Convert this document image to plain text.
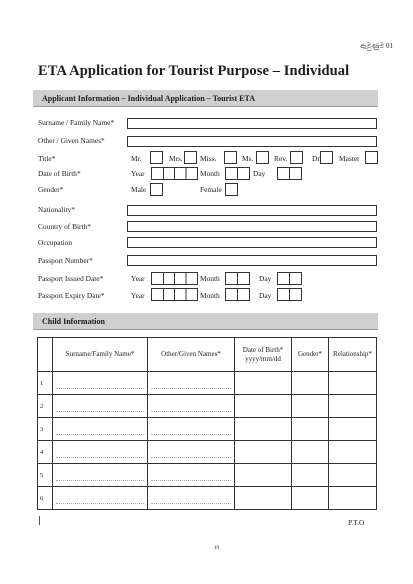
ඇමුණුම 01
ETA Application for Tourist Purpose – Individual
Applicant Information – Individual Application – Tourist ETA
Surname / Family Name*
Other / Given Names*
Title*	Mr.	Mrs. Miss.	Ms.	Rev.	Dr. Master
Date of Birth*	Year	Month	Day
Gender*	Male	Female
Nationality*
Country of Birth*
Occupation
Passport Number*
Passport Issued Date*	Year	Month	Day
Passport Expiry Date*	Year	Month	Day
Child Information
	Surname/Family Name*	Other/Given Names*	Date of Birth* yyyy/mm/dd	Gender*	Relationship*
1	

2	

3	

4	

5	

6	

P.T.O
19
